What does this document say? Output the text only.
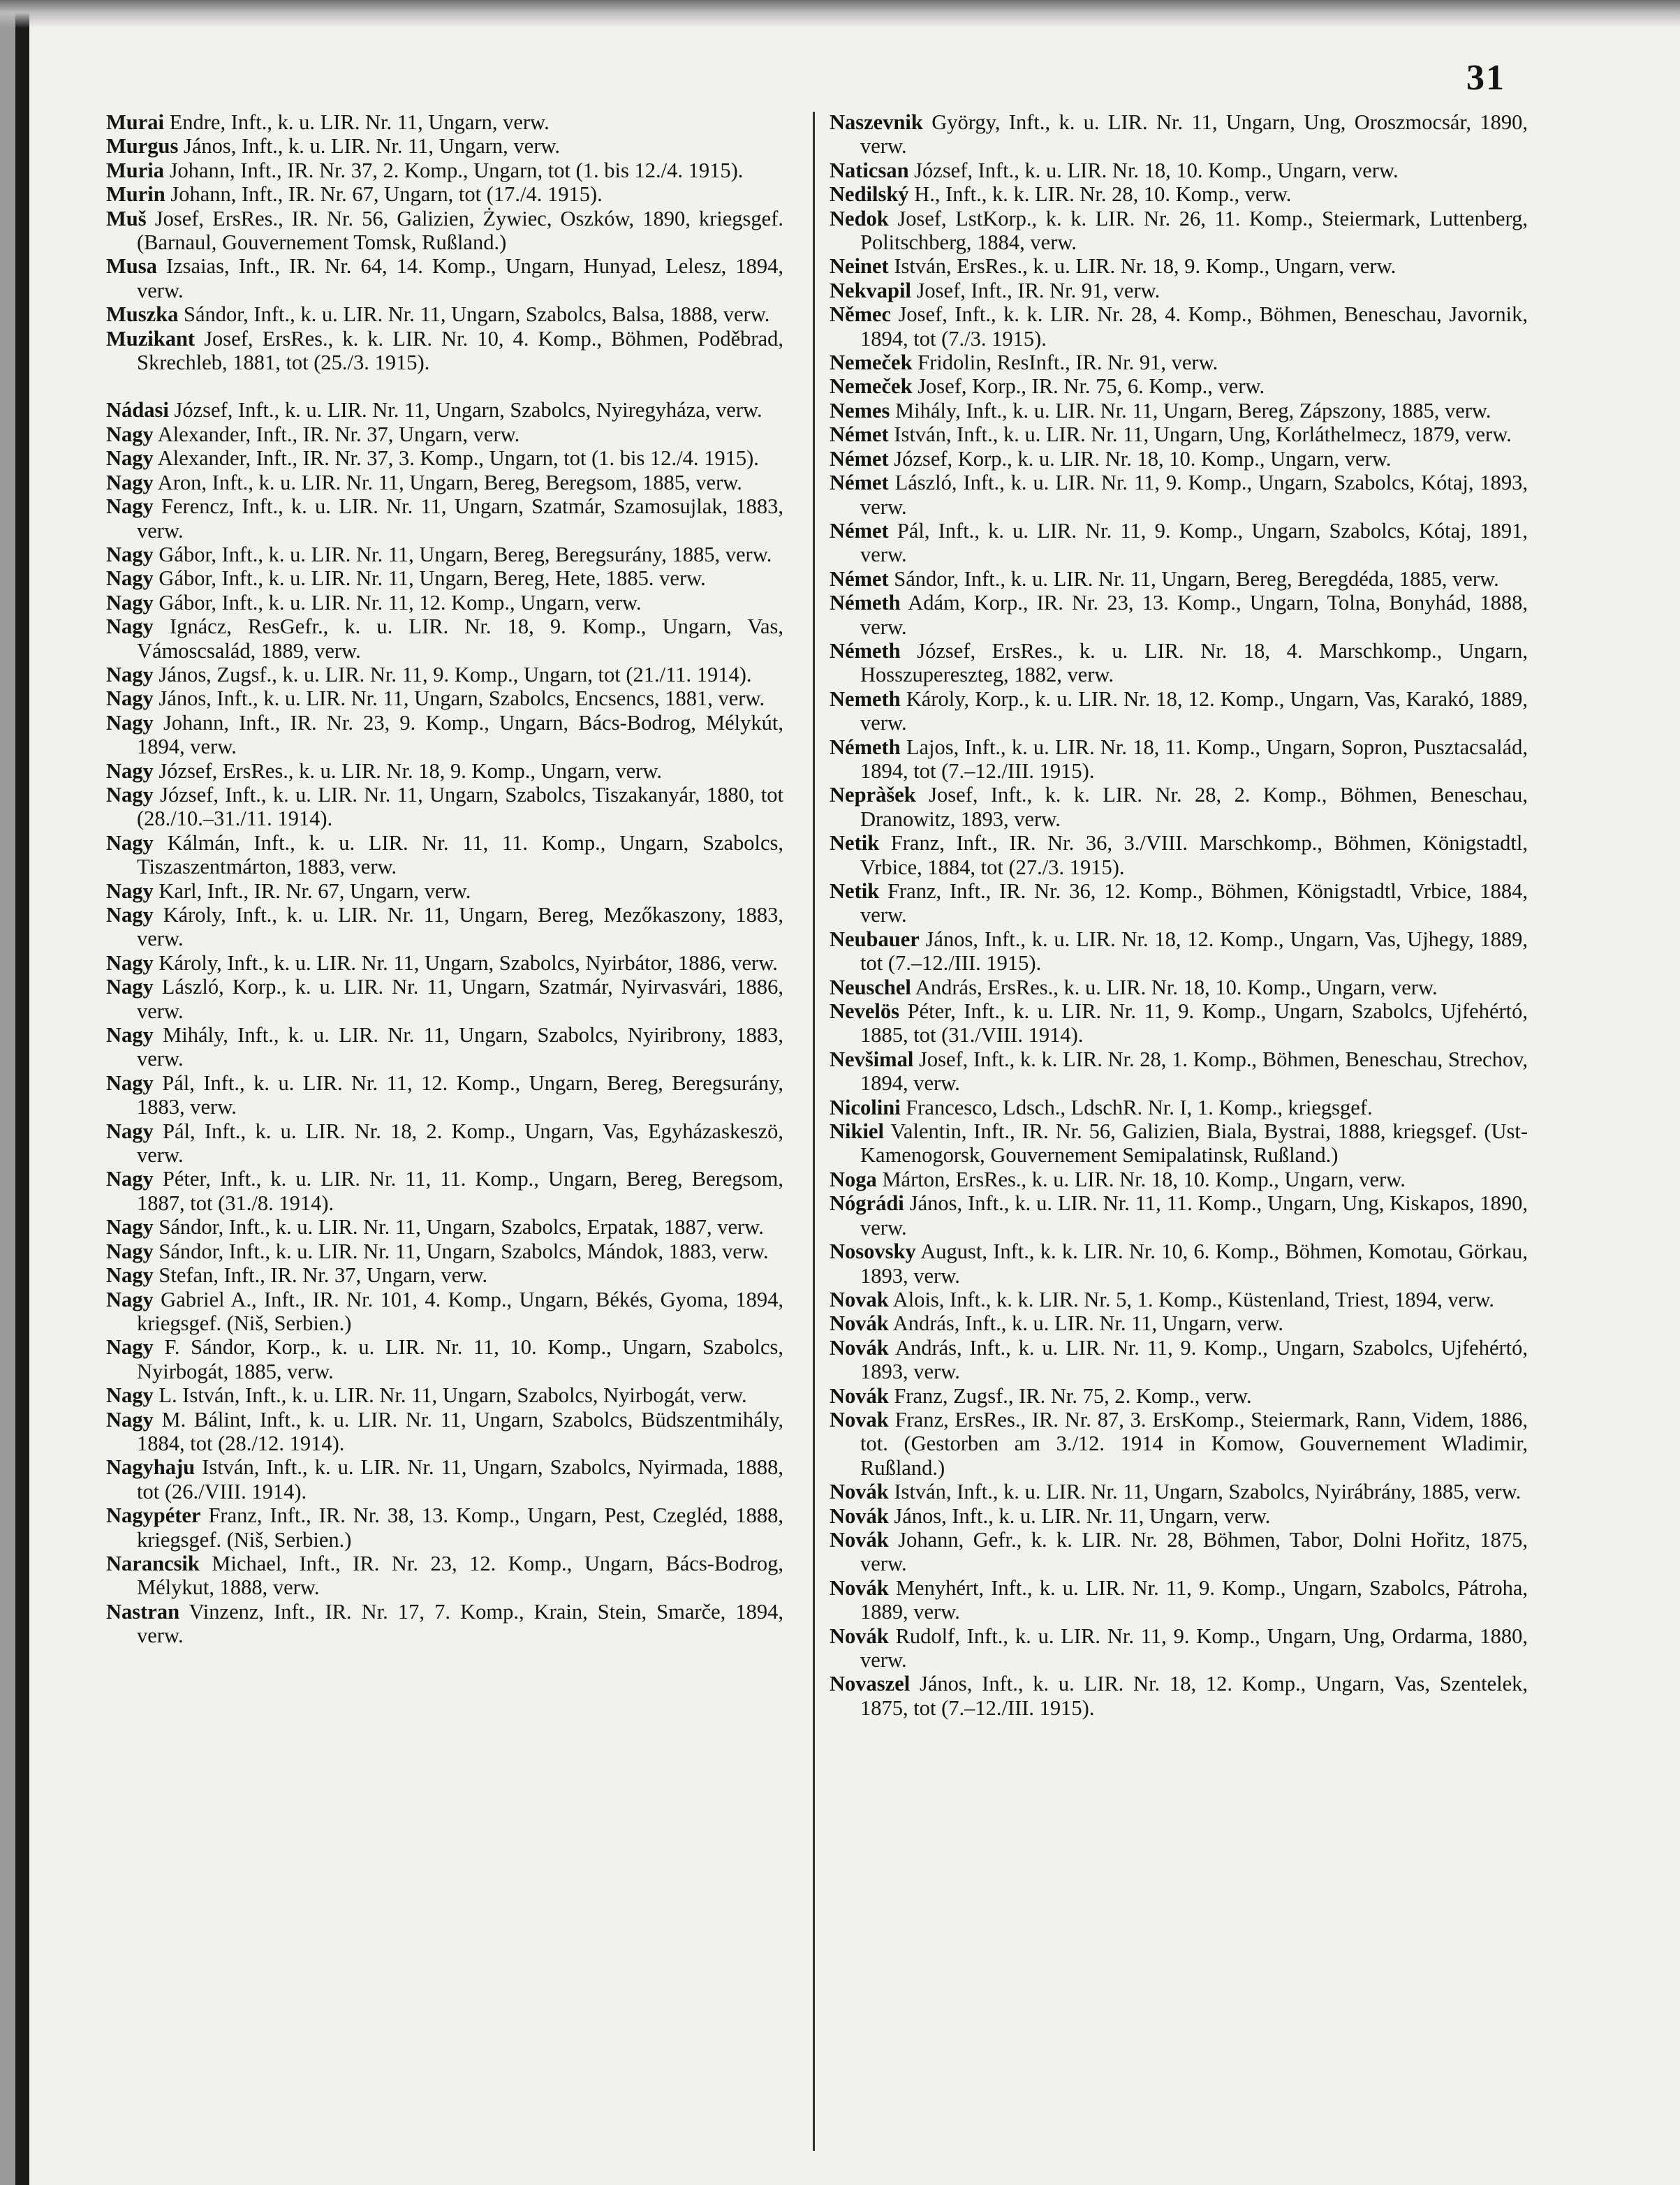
31
Murai Endre, Inft., k. u. LIR. Nr. 11, Ungarn, verw.
Murgus János, Inft., k. u. LIR. Nr. 11, Ungarn, verw.
Muria Johann, Inft., IR. Nr. 37, 2. Komp., Ungarn, tot (1. bis 12./4. 1915).
Murin Johann, Inft., IR. Nr. 67, Ungarn, tot (17./4. 1915).
Muš Josef, ErsRes., IR. Nr. 56, Galizien, Żywiec, Oszków, 1890, kriegsgef. (Barnaul, Gouvernement Tomsk, Rußland.)
Musa Izsaias, Inft., IR. Nr. 64, 14. Komp., Ungarn, Hunyad, Lelesz, 1894, verw.
Muszka Sándor, Inft., k. u. LIR. Nr. 11, Ungarn, Szabolcs, Balsa, 1888, verw.
Muzikant Josef, ErsRes., k. k. LIR. Nr. 10, 4. Komp., Böhmen, Poděbrad, Skrechleb, 1881, tot (25./3. 1915).
Nádasi József, Inft., k. u. LIR. Nr. 11, Ungarn, Szabolcs, Nyiregyháza, verw.
Nagy Alexander, Inft., IR. Nr. 37, Ungarn, verw.
Nagy Alexander, Inft., IR. Nr. 37, 3. Komp., Ungarn, tot (1. bis 12./4. 1915).
Nagy Aron, Inft., k. u. LIR. Nr. 11, Ungarn, Bereg, Beregsom, 1885, verw.
Nagy Ferencz, Inft., k. u. LIR. Nr. 11, Ungarn, Szatmár, Szamosujlak, 1883, verw.
Nagy Gábor, Inft., k. u. LIR. Nr. 11, Ungarn, Bereg, Beregsurány, 1885, verw.
Nagy Gábor, Inft., k. u. LIR. Nr. 11, Ungarn, Bereg, Hete, 1885. verw.
Nagy Gábor, Inft., k. u. LIR. Nr. 11, 12. Komp., Ungarn, verw.
Nagy Ignácz, ResGefr., k. u. LIR. Nr. 18, 9. Komp., Ungarn, Vas, Vámoscsalád, 1889, verw.
Nagy János, Zugsf., k. u. LIR. Nr. 11, 9. Komp., Ungarn, tot (21./11. 1914).
Nagy János, Inft., k. u. LIR. Nr. 11, Ungarn, Szabolcs, Encsencs, 1881, verw.
Nagy Johann, Inft., IR. Nr. 23, 9. Komp., Ungarn, Bács-Bodrog, Mélykút, 1894, verw.
Nagy József, ErsRes., k. u. LIR. Nr. 18, 9. Komp., Ungarn, verw.
Nagy József, Inft., k. u. LIR. Nr. 11, Ungarn, Szabolcs, Tiszakanyár, 1880, tot (28./10.–31./11. 1914).
Nagy Kálmán, Inft., k. u. LIR. Nr. 11, 11. Komp., Ungarn, Szabolcs, Tiszaszentmárton, 1883, verw.
Nagy Karl, Inft., IR. Nr. 67, Ungarn, verw.
Nagy Károly, Inft., k. u. LIR. Nr. 11, Ungarn, Bereg, Mezőkaszony, 1883, verw.
Nagy Károly, Inft., k. u. LIR. Nr. 11, Ungarn, Szabolcs, Nyirbátor, 1886, verw.
Nagy László, Korp., k. u. LIR. Nr. 11, Ungarn, Szatmár, Nyirvasvári, 1886, verw.
Nagy Mihály, Inft., k. u. LIR. Nr. 11, Ungarn, Szabolcs, Nyiribrony, 1883, verw.
Nagy Pál, Inft., k. u. LIR. Nr. 11, 12. Komp., Ungarn, Bereg, Beregsurány, 1883, verw.
Nagy Pál, Inft., k. u. LIR. Nr. 18, 2. Komp., Ungarn, Vas, Egyházaskeszö, verw.
Nagy Péter, Inft., k. u. LIR. Nr. 11, 11. Komp., Ungarn, Bereg, Beregsom, 1887, tot (31./8. 1914).
Nagy Sándor, Inft., k. u. LIR. Nr. 11, Ungarn, Szabolcs, Erpatak, 1887, verw.
Nagy Sándor, Inft., k. u. LIR. Nr. 11, Ungarn, Szabolcs, Mándok, 1883, verw.
Nagy Stefan, Inft., IR. Nr. 37, Ungarn, verw.
Nagy Gabriel A., Inft., IR. Nr. 101, 4. Komp., Ungarn, Békés, Gyoma, 1894, kriegsgef. (Niš, Serbien.)
Nagy F. Sándor, Korp., k. u. LIR. Nr. 11, 10. Komp., Ungarn, Szabolcs, Nyirbogát, 1885, verw.
Nagy L. István, Inft., k. u. LIR. Nr. 11, Ungarn, Szabolcs, Nyirbogát, verw.
Nagy M. Bálint, Inft., k. u. LIR. Nr. 11, Ungarn, Szabolcs, Büdszentmihály, 1884, tot (28./12. 1914).
Nagyhaju István, Inft., k. u. LIR. Nr. 11, Ungarn, Szabolcs, Nyirmada, 1888, tot (26./VIII. 1914).
Nagypéter Franz, Inft., IR. Nr. 38, 13. Komp., Ungarn, Pest, Czegléd, 1888, kriegsgef. (Niš, Serbien.)
Narancsik Michael, Inft., IR. Nr. 23, 12. Komp., Ungarn, Bács-Bodrog, Mélykut, 1888, verw.
Nastran Vinzenz, Inft., IR. Nr. 17, 7. Komp., Krain, Stein, Smarče, 1894, verw.
Naszevnik György, Inft., k. u. LIR. Nr. 11, Ungarn, Ung, Oroszmocsár, 1890, verw.
Naticsan József, Inft., k. u. LIR. Nr. 18, 10. Komp., Ungarn, verw.
Nedilský H., Inft., k. k. LIR. Nr. 28, 10. Komp., verw.
Nedok Josef, LstKorp., k. k. LIR. Nr. 26, 11. Komp., Steiermark, Luttenberg, Politschberg, 1884, verw.
Neinet István, ErsRes., k. u. LIR. Nr. 18, 9. Komp., Ungarn, verw.
Nekvapil Josef, Inft., IR. Nr. 91, verw.
Němec Josef, Inft., k. k. LIR. Nr. 28, 4. Komp., Böhmen, Beneschau, Javornik, 1894, tot (7./3. 1915).
Nemeček Fridolin, ResInft., IR. Nr. 91, verw.
Nemeček Josef, Korp., IR. Nr. 75, 6. Komp., verw.
Nemes Mihály, Inft., k. u. LIR. Nr. 11, Ungarn, Bereg, Zápszony, 1885, verw.
Német István, Inft., k. u. LIR. Nr. 11, Ungarn, Ung, Korláthelmecz, 1879, verw.
Német József, Korp., k. u. LIR. Nr. 18, 10. Komp., Ungarn, verw.
Német László, Inft., k. u. LIR. Nr. 11, 9. Komp., Ungarn, Szabolcs, Kótaj, 1893, verw.
Német Pál, Inft., k. u. LIR. Nr. 11, 9. Komp., Ungarn, Szabolcs, Kótaj, 1891, verw.
Német Sándor, Inft., k. u. LIR. Nr. 11, Ungarn, Bereg, Beregdéda, 1885, verw.
Németh Adám, Korp., IR. Nr. 23, 13. Komp., Ungarn, Tolna, Bonyhád, 1888, verw.
Németh József, ErsRes., k. u. LIR. Nr. 18, 4. Marschkomp., Ungarn, Hosszupereszteg, 1882, verw.
Nemeth Károly, Korp., k. u. LIR. Nr. 18, 12. Komp., Ungarn, Vas, Karakó, 1889, verw.
Németh Lajos, Inft., k. u. LIR. Nr. 18, 11. Komp., Ungarn, Sopron, Pusztacsalád, 1894, tot (7.–12./III. 1915).
Nepràšek Josef, Inft., k. k. LIR. Nr. 28, 2. Komp., Böhmen, Beneschau, Dranowitz, 1893, verw.
Netik Franz, Inft., IR. Nr. 36, 3./VIII. Marschkomp., Böhmen, Königstadtl, Vrbice, 1884, tot (27./3. 1915).
Netik Franz, Inft., IR. Nr. 36, 12. Komp., Böhmen, Königstadtl, Vrbice, 1884, verw.
Neubauer János, Inft., k. u. LIR. Nr. 18, 12. Komp., Ungarn, Vas, Ujhegy, 1889, tot (7.–12./III. 1915).
Neuschel András, ErsRes., k. u. LIR. Nr. 18, 10. Komp., Ungarn, verw.
Nevelös Péter, Inft., k. u. LIR. Nr. 11, 9. Komp., Ungarn, Szabolcs, Ujfehértó, 1885, tot (31./VIII. 1914).
Nevšimal Josef, Inft., k. k. LIR. Nr. 28, 1. Komp., Böhmen, Beneschau, Strechov, 1894, verw.
Nicolini Francesco, Ldsch., LdschR. Nr. I, 1. Komp., kriegsgef.
Nikiel Valentin, Inft., IR. Nr. 56, Galizien, Biala, Bystrai, 1888, kriegsgef. (Ust-Kamenogorsk, Gouvernement Semipalatinsk, Rußland.)
Noga Márton, ErsRes., k. u. LIR. Nr. 18, 10. Komp., Ungarn, verw.
Nógrádi János, Inft., k. u. LIR. Nr. 11, 11. Komp., Ungarn, Ung, Kiskapos, 1890, verw.
Nosovsky August, Inft., k. k. LIR. Nr. 10, 6. Komp., Böhmen, Komotau, Görkau, 1893, verw.
Novak Alois, Inft., k. k. LIR. Nr. 5, 1. Komp., Küstenland, Triest, 1894, verw.
Novák András, Inft., k. u. LIR. Nr. 11, Ungarn, verw.
Novák András, Inft., k. u. LIR. Nr. 11, 9. Komp., Ungarn, Szabolcs, Ujfehértó, 1893, verw.
Novák Franz, Zugsf., IR. Nr. 75, 2. Komp., verw.
Novak Franz, ErsRes., IR. Nr. 87, 3. ErsKomp., Steiermark, Rann, Videm, 1886, tot. (Gestorben am 3./12. 1914 in Komow, Gouvernement Wladimir, Rußland.)
Novák István, Inft., k. u. LIR. Nr. 11, Ungarn, Szabolcs, Nyirábrány, 1885, verw.
Novák János, Inft., k. u. LIR. Nr. 11, Ungarn, verw.
Novák Johann, Gefr., k. k. LIR. Nr. 28, Böhmen, Tabor, Dolni Hořitz, 1875, verw.
Novák Menyhért, Inft., k. u. LIR. Nr. 11, 9. Komp., Ungarn, Szabolcs, Pátroha, 1889, verw.
Novák Rudolf, Inft., k. u. LIR. Nr. 11, 9. Komp., Ungarn, Ung, Ordarma, 1880, verw.
Novaszel János, Inft., k. u. LIR. Nr. 18, 12. Komp., Ungarn, Vas, Szentelek, 1875, tot (7.–12./III. 1915).
